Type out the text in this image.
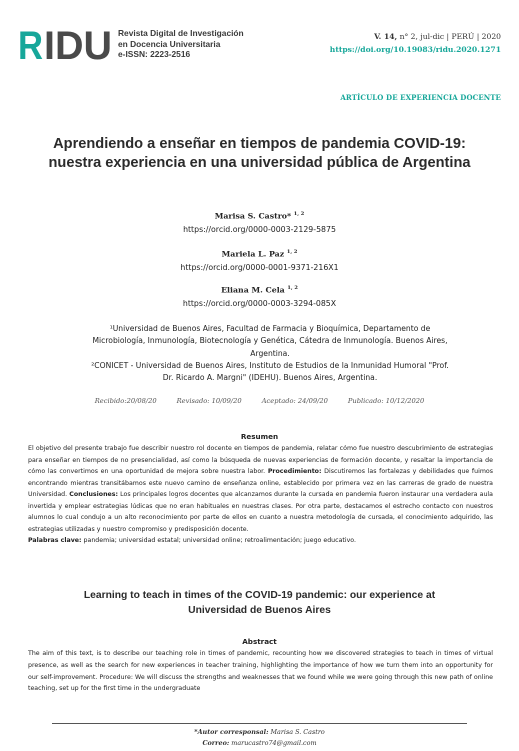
R IDU Revista Digital de Investigación
en Docencia Universitaria
e-ISSN: 2223-2516
V. 14, n° 2, jul-dic | PERÚ | 2020
https://doi.org/10.19083/ridu.2020.1271
ARTÍCULO DE EXPERIENCIA DOCENTE
Aprendiendo a enseñar en tiempos de pandemia COVID-19: nuestra experiencia en una universidad pública de Argentina
Marisa S. Castro* $^{1, 2}$
https://orcid.org/0000-0003-2129-5875
Mariela L. Paz $^{1, 2}$
https://orcid.org/0000-0001-9371-216X1
Eliana M. Cela $^{1, 2}$
https://orcid.org/0000-0003-3294-085X
¹Universidad de Buenos Aires, Facultad de Farmacia y Bioquímica, Departamento de Microbiología, Inmunología, Biotecnología y Genética, Cátedra de Inmunología. Buenos Aires, Argentina.
²CONICET - Universidad de Buenos Aires, Instituto de Estudios de la Inmunidad Humoral "Prof. Dr. Ricardo A. Margni" (IDEHU). Buenos Aires, Argentina.
Recibido:20/08/20	Revisado: 10/09/20	Aceptado: 24/09/20	Publicado: 10/12/2020
Resumen
El objetivo del presente trabajo fue describir nuestro rol docente en tiempos de pandemia, relatar cómo fue nuestro descubrimiento de estrategias para enseñar en tiempos de no presencialidad, así como la búsqueda de nuevas experiencias de formación docente, y resaltar la importancia de cómo las convertimos en una oportunidad de mejora sobre nuestra labor. Procedimiento: Discutiremos las fortalezas y debilidades que fuimos encontrando mientras transitábamos este nuevo camino de enseñanza online, establecido por primera vez en las carreras de grado de nuestra Universidad. Conclusiones: Los principales logros docentes que alcanzamos durante la cursada en pandemia fueron instaurar una verdadera aula invertida y emplear estrategias lúdicas que no eran habituales en nuestras clases. Por otra parte, destacamos el estrecho contacto con nuestros alumnos lo cual condujo a un alto reconocimiento por parte de ellos en cuanto a nuestra metodología de cursada, el conocimiento adquirido, las estrategias utilizadas y nuestro compromiso y predisposición docente.
Palabras clave: pandemia; universidad estatal; universidad online; retroalimentación; juego educativo.
Learning to teach in times of the COVID-19 pandemic: our experience at Universidad de Buenos Aires
Abstract
The aim of this text, is to describe our teaching role in times of pandemic, recounting how we discovered strategies to teach in times of virtual presence, as well as the search for new experiences in teacher training, highlighting the importance of how we turn them into an opportunity for our self-improvement. Procedure: We will discuss the strengths and weaknesses that we found while we were going through this new path of online teaching, set up for the first time in the undergraduate
*Autor corresponsal: Marisa S. Castro
Correo: marucastro74@gmail.com
